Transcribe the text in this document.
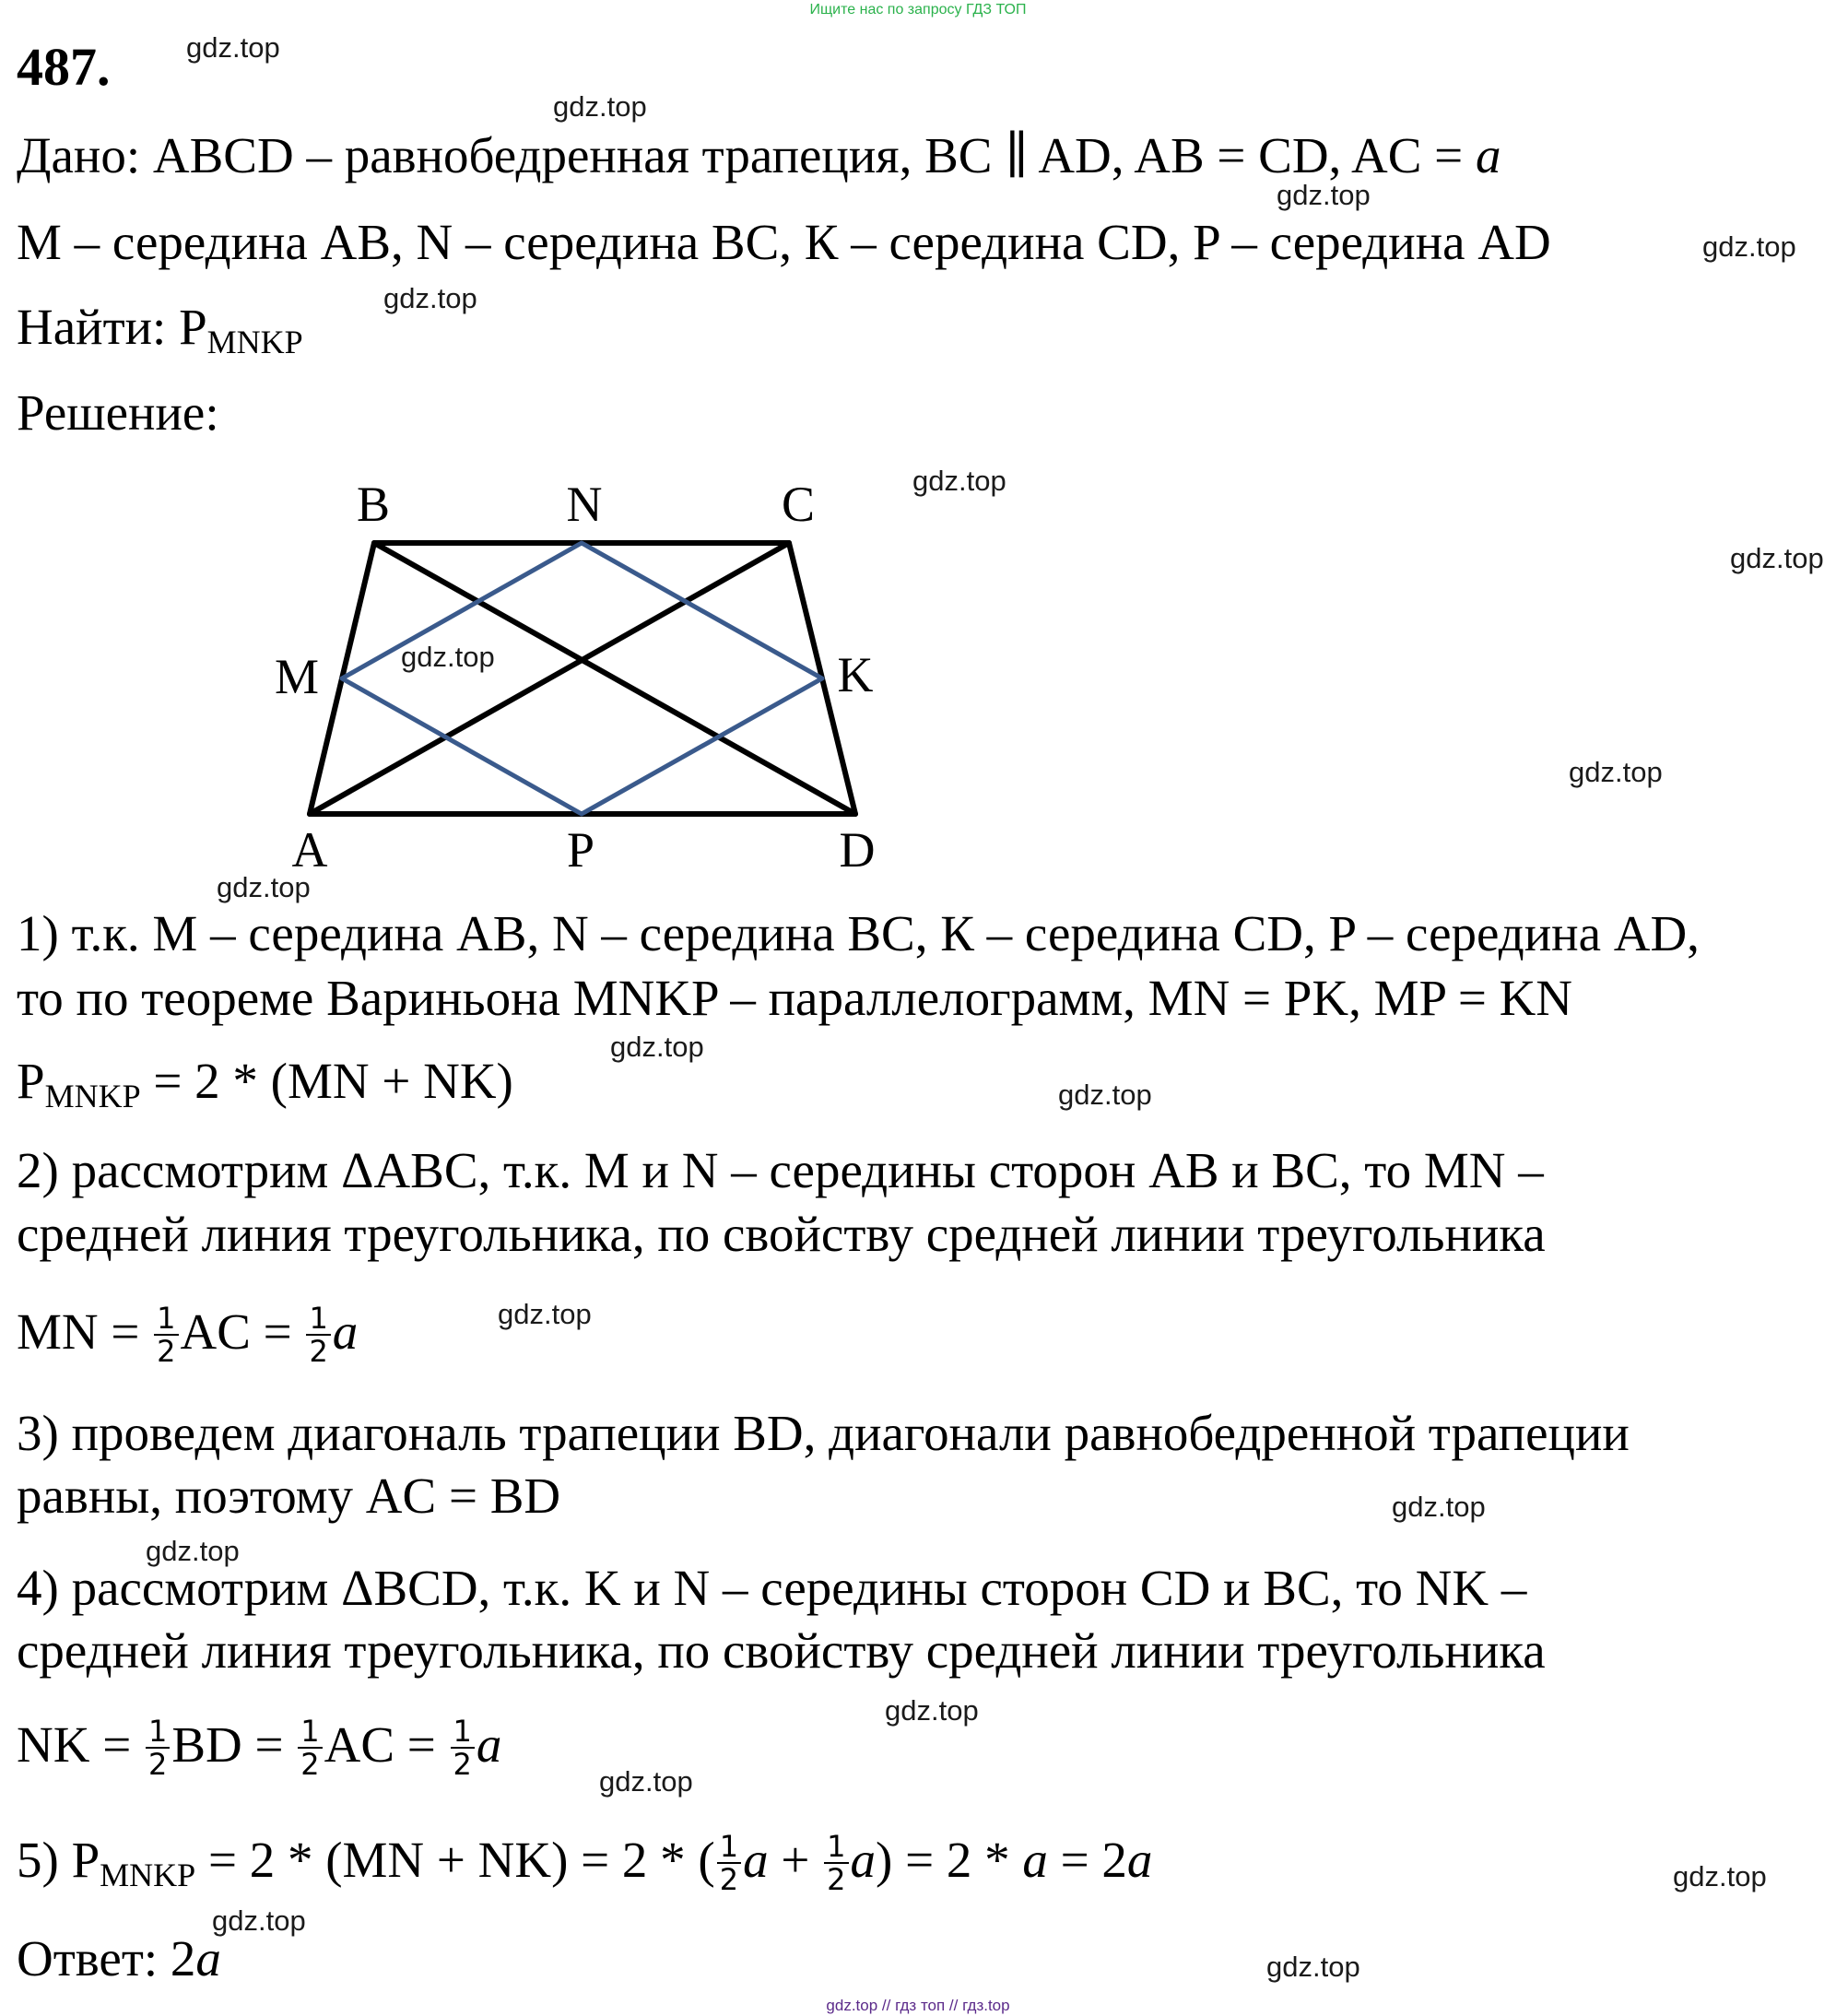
Ищите нас по запросу ГДЗ ТОП
487.
Дано: ABCD – равнобедренная трапеция, BC ∥ AD, AB = CD, AC = a
M – середина AB, N – середина BC, К – середина CD, P – середина AD
Найти: PMNKP
Решение:
B	N	C
M	K
A	P	D
1) т.к. M – середина AB, N – середина BC, К – середина CD, P – середина AD,
то по теореме Вариньона MNKP – параллелограмм, MN = PK, MP = KN
PMNKP = 2 * (MN + NK)
2) рассмотрим ΔABC, т.к. M и N – середины сторон AB и BC, то MN –
средней линия треугольника, по свойству средней линии треугольника
MN = $\frac{1}{2}$ AC = $\frac{1}{2}$ a
3) проведем диагональ трапеции BD, диагонали равнобедренной трапеции
равны, поэтому AC = BD
4) рассмотрим ΔBCD, т.к. K и N – середины сторон CD и BC, то NK –
средней линия треугольника, по свойству средней линии треугольника
NK = $\frac{1}{2}$ BD = $\frac{1}{2}$ AC = $\frac{1}{2}$ a
5) PMNKP = 2 * (MN + NK) = 2 * ( $\frac{1}{2}$ $a + \frac{1}{2} a) = 2 * a = 2a$
Ответ: 2a
gdz.top
gdz.top
gdz.top
gdz.top
gdz.top
gdz.top
gdz.top
gdz.top
gdz.top
gdz.top
gdz.top
gdz.top
gdz.top
gdz.top
gdz.top
gdz.top
gdz.top
gdz.top
gdz.top
gdz.top
gdz.top // гдз топ // гдз.top
